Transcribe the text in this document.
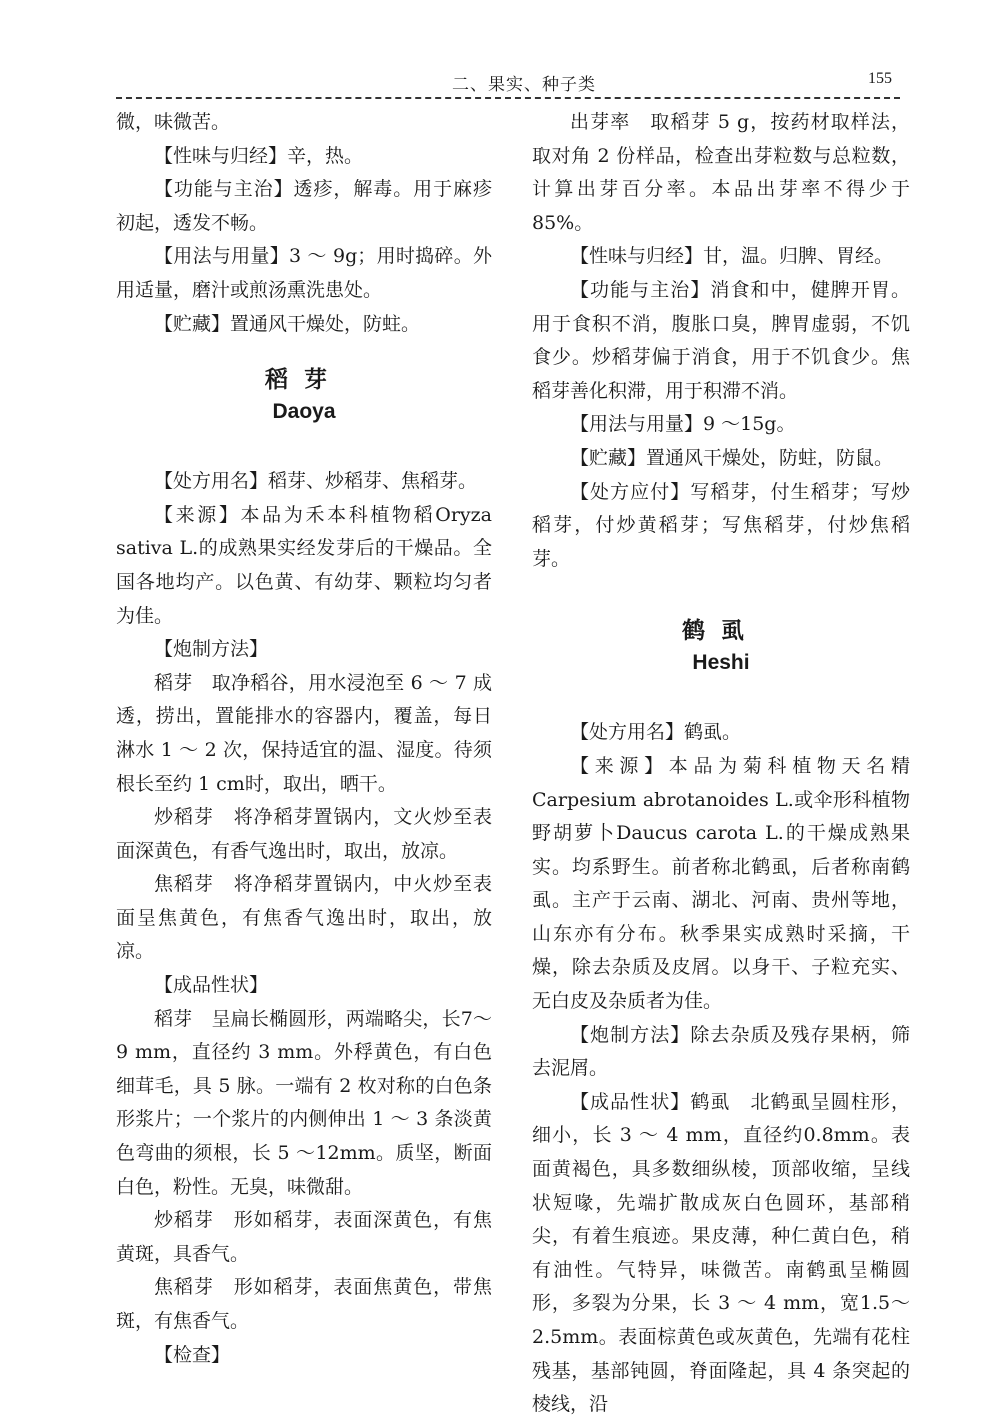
二、果实、种子类	155

微，味微苦。

【性味与归经】辛，热。

【功能与主治】透疹，解毒。用于麻疹初起，透发不畅。

【用法与用量】3 ～ 9g；用时捣碎。外用适量，磨汁或煎汤熏洗患处。

【贮藏】置通风干燥处，防蛀。

稻芽
Daoya

【处方用名】稻芽、炒稻芽、焦稻芽。

【来源】本品为禾本科植物稻Oryza sativa L.的成熟果实经发芽后的干燥品。全国各地均产。以色黄、有幼芽、颗粒均匀者为佳。

【炮制方法】

稻芽　取净稻谷，用水浸泡至 6 ～ 7 成透，捞出，置能排水的容器内，覆盖，每日淋水 1 ～ 2 次，保持适宜的温、湿度。待须根长至约 1 cm时，取出，晒干。

炒稻芽　将净稻芽置锅内，文火炒至表面深黄色，有香气逸出时，取出，放凉。

焦稻芽　将净稻芽置锅内，中火炒至表面呈焦黄色，有焦香气逸出时，取出，放凉。

【成品性状】

稻芽　呈扁长椭圆形，两端略尖，长7～9 mm，直径约 3 mm。外稃黄色，有白色细茸毛，具 5 脉。一端有 2 枚对称的白色条形浆片；一个浆片的内侧伸出 1 ～ 3 条淡黄色弯曲的须根，长 5 ～12mm。质坚，断面白色，粉性。无臭，味微甜。

炒稻芽　形如稻芽，表面深黄色，有焦黄斑，具香气。

焦稻芽　形如稻芽，表面焦黄色，带焦斑，有焦香气。

【检查】

出芽率　取稻芽 5 g，按药材取样法，取对角 2 份样品，检查出芽粒数与总粒数，计算出芽百分率。本品出芽率不得少于85%。

【性味与归经】甘，温。归脾、胃经。

【功能与主治】消食和中，健脾开胃。用于食积不消，腹胀口臭，脾胃虚弱，不饥食少。炒稻芽偏于消食，用于不饥食少。焦稻芽善化积滞，用于积滞不消。

【用法与用量】9 ～15g。

【贮藏】置通风干燥处，防蛀，防鼠。

【处方应付】写稻芽，付生稻芽；写炒稻芽，付炒黄稻芽；写焦稻芽，付炒焦稻芽。

鹤虱
Heshi

【处方用名】鹤虱。

【来源】本品为菊科植物天名精Carpesium abrotanoides L.或伞形科植物野胡萝卜Daucus carota L.的干燥成熟果实。均系野生。前者称北鹤虱，后者称南鹤虱。主产于云南、湖北、河南、贵州等地，山东亦有分布。秋季果实成熟时采摘，干燥，除去杂质及皮屑。以身干、子粒充实、无白皮及杂质者为佳。

【炮制方法】除去杂质及残存果柄，筛去泥屑。

【成品性状】鹤虱　北鹤虱呈圆柱形，细小，长 3 ～ 4 mm，直径约0.8mm。表面黄褐色，具多数细纵棱，顶部收缩，呈线状短喙，先端扩散成灰白色圆环，基部稍尖，有着生痕迹。果皮薄，种仁黄白色，稍有油性。气特异，味微苦。南鹤虱呈椭圆形，多裂为分果，长 3 ～ 4 mm，宽1.5～2.5mm。表面棕黄色或灰黄色，先端有花柱残基，基部钝圆，脊面隆起，具 4 条突起的棱线，沿
